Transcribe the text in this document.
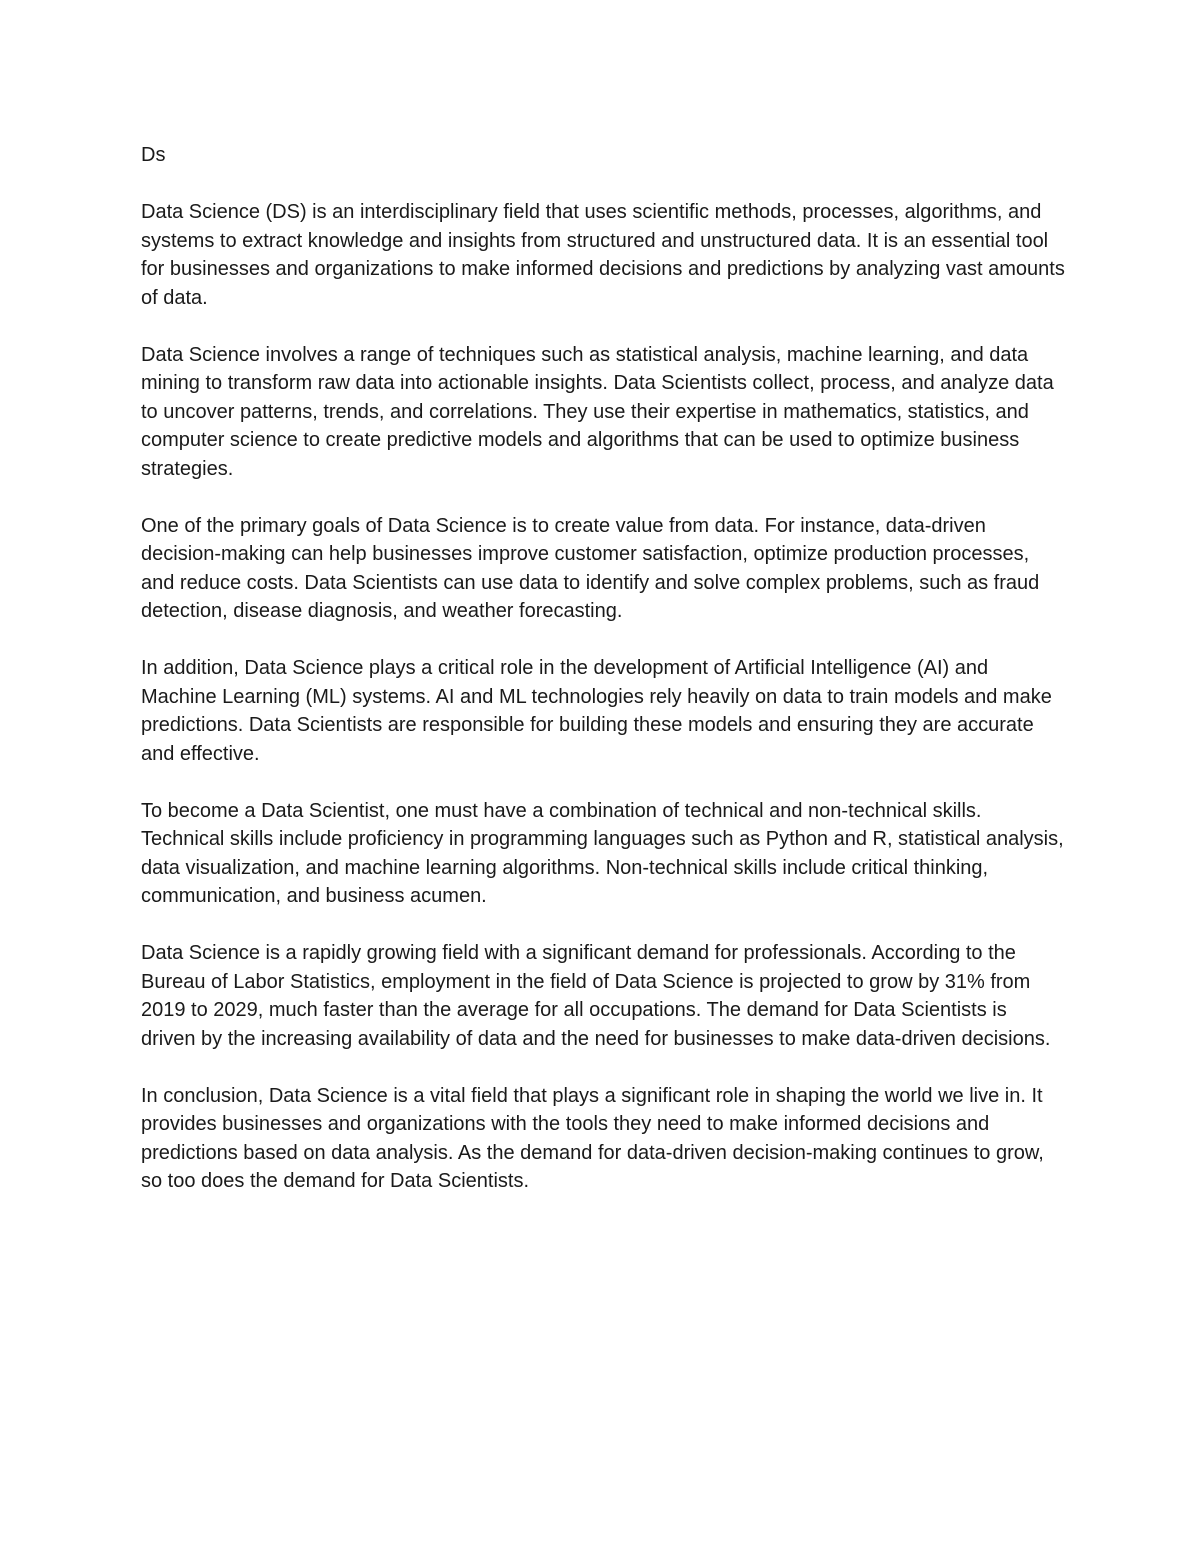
Ds

Data Science (DS) is an interdisciplinary field that uses scientific methods, processes, algorithms, and systems to extract knowledge and insights from structured and unstructured data. It is an essential tool for businesses and organizations to make informed decisions and predictions by analyzing vast amounts of data.

Data Science involves a range of techniques such as statistical analysis, machine learning, and data mining to transform raw data into actionable insights. Data Scientists collect, process, and analyze data to uncover patterns, trends, and correlations. They use their expertise in mathematics, statistics, and computer science to create predictive models and algorithms that can be used to optimize business strategies.

One of the primary goals of Data Science is to create value from data. For instance, data-driven decision-making can help businesses improve customer satisfaction, optimize production processes, and reduce costs. Data Scientists can use data to identify and solve complex problems, such as fraud detection, disease diagnosis, and weather forecasting.

In addition, Data Science plays a critical role in the development of Artificial Intelligence (AI) and Machine Learning (ML) systems. AI and ML technologies rely heavily on data to train models and make predictions. Data Scientists are responsible for building these models and ensuring they are accurate and effective.

To become a Data Scientist, one must have a combination of technical and non-technical skills. Technical skills include proficiency in programming languages such as Python and R, statistical analysis, data visualization, and machine learning algorithms. Non-technical skills include critical thinking, communication, and business acumen.

Data Science is a rapidly growing field with a significant demand for professionals. According to the Bureau of Labor Statistics, employment in the field of Data Science is projected to grow by 31% from 2019 to 2029, much faster than the average for all occupations. The demand for Data Scientists is driven by the increasing availability of data and the need for businesses to make data-driven decisions.

In conclusion, Data Science is a vital field that plays a significant role in shaping the world we live in. It provides businesses and organizations with the tools they need to make informed decisions and predictions based on data analysis. As the demand for data-driven decision-making continues to grow, so too does the demand for Data Scientists.
